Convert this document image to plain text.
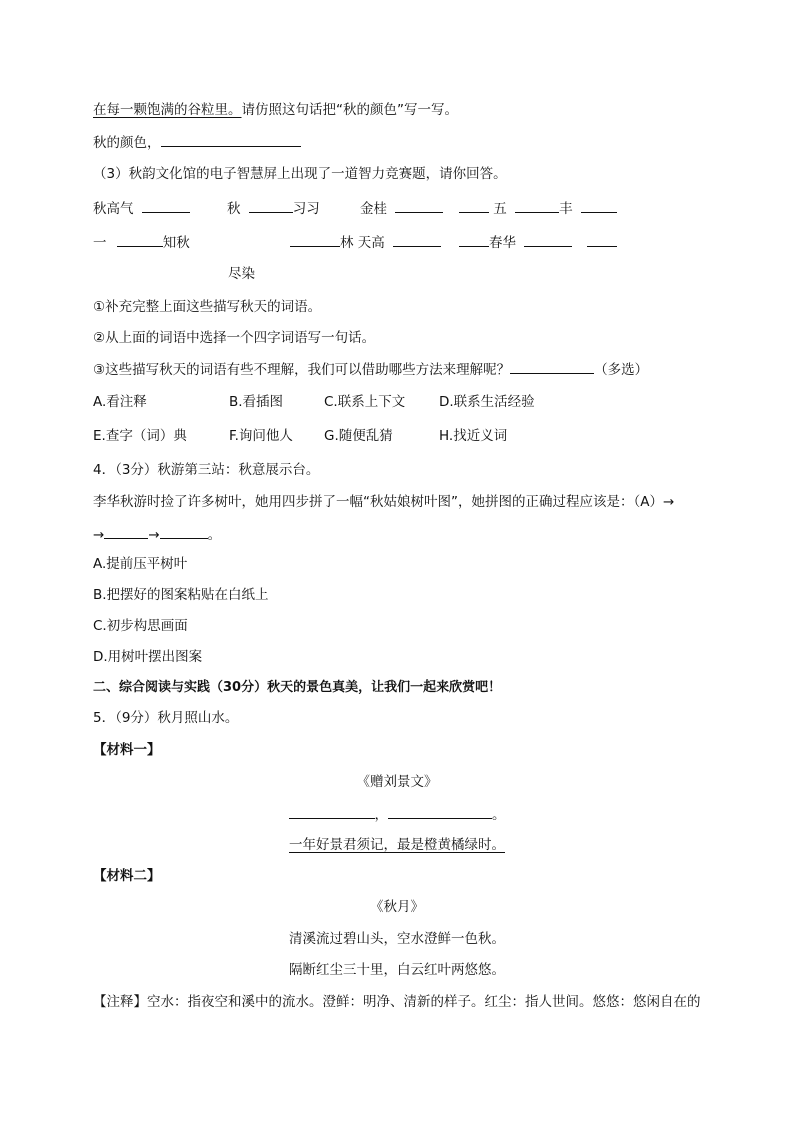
在每一颗饱满的谷粒里。请仿照这句话把“秋的颜色”写一写。
秋的颜色，
（3）秋韵文化馆的电子智慧屏上出现了一道智力竞赛题，请你回答。
秋高气	秋	习习	金桂	五	丰
一	知秋	林 天高	春华
尽染
①补充完整上面这些描写秋天的词语。
②从上面的词语中选择一个四字词语写一句话。
③这些描写秋天的词语有些不理解，我们可以借助哪些方法来理解呢？	（多选）
A.看注释	B.看插图	C.联系上下文	D.联系生活经验
E.查字（词）典	F.询问他人 G.随便乱猜	H.找近义词
4．（3分）秋游第三站：秋意展示台。
李华秋游时捡了许多树叶，她用四步拼了一幅“秋姑娘树叶图”，她拼图的正确过程应该是：（A）→
→	→	。
A.提前压平树叶
B.把摆好的图案粘贴在白纸上
C.初步构思画面
D.用树叶摆出图案
二、综合阅读与实践（30分）秋天的景色真美，让我们一起来欣赏吧！
5．（9分）秋月照山水。
【材料一】
《赠刘景文》
，	。
一年好景君须记，最是橙黄橘绿时。
【材料二】
《秋月》
清溪流过碧山头，空水澄鲜一色秋。
隔断红尘三十里，白云红叶两悠悠。
【注释】空水：指夜空和溪中的流水。澄鲜：明净、清新的样子。红尘：指人世间。悠悠：悠闲自在的
